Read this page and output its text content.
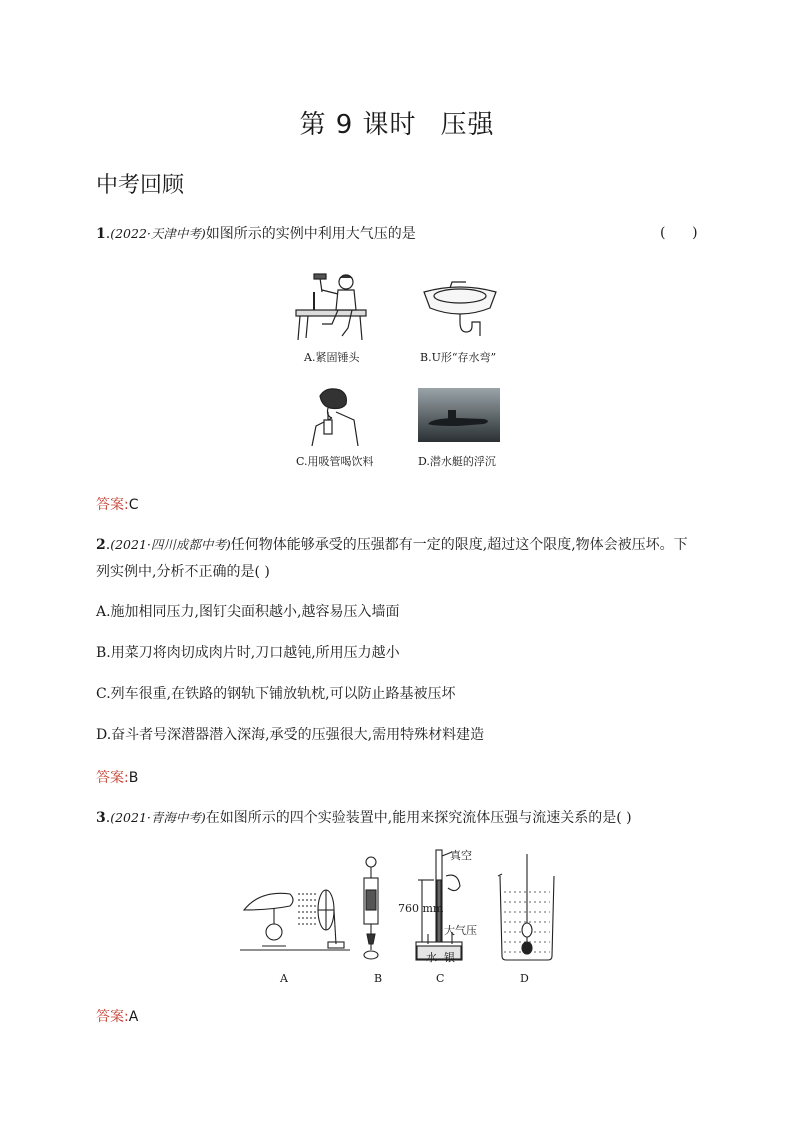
第 9 课时 压强
中考回顾
1.(2022·天津中考)如图所示的实例中利用大气压的是	(      )
A.紧固锤头	B.U形“存水弯”
C.用吸管喝饮料	D.潜水艇的浮沉
答案:C
2.(2021·四川成都中考)任何物体能够承受的压强都有一定的限度,超过这个限度,物体会被压坏。下
列实例中,分析不正确的是( )
A.施加相同压力,图钉尖面积越小,越容易压入墙面
B.用菜刀将肉切成肉片时,刀口越钝,所用压力越小
C.列车很重,在铁路的钢轨下铺放轨枕,可以防止路基被压坏
D.奋斗者号深潜器潜入深海,承受的压强很大,需用特殊材料建造
答案:B
3.(2021·青海中考)在如图所示的四个实验装置中,能用来探究流体压强与流速关系的是( )
A	B
真空
760 mm
大气压
水 银
C	D
答案:A
